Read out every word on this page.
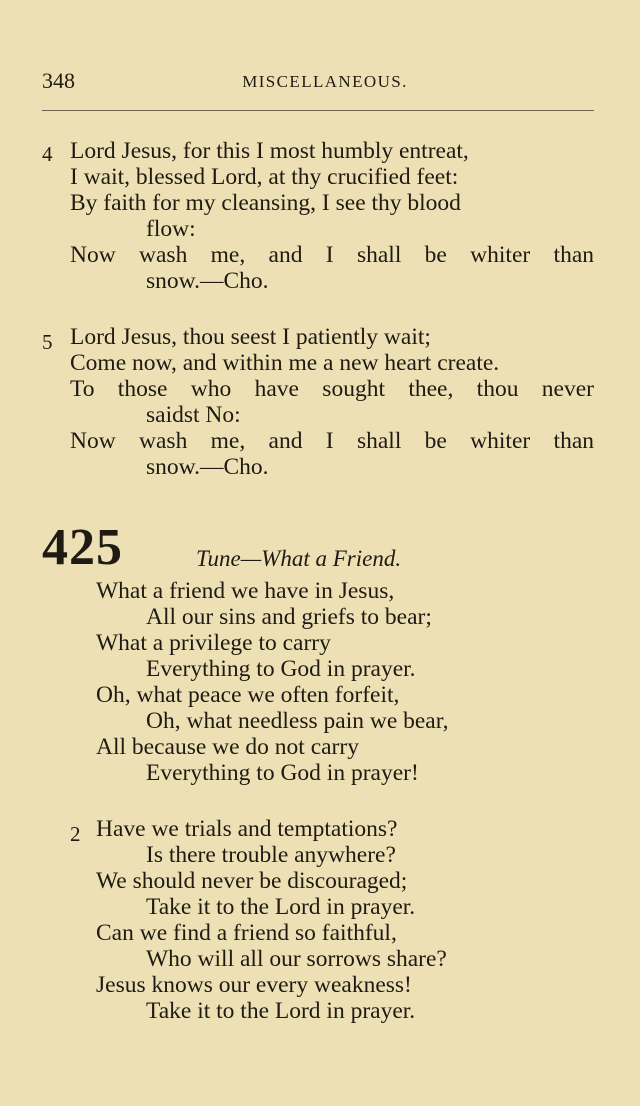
348	MISCELLANEOUS.
4 Lord Jesus, for this I most humbly entreat,
I wait, blessed Lord, at thy crucified feet:
By faith for my cleansing, I see thy blood
flow:
Now wash me, and I shall be whiter than
snow.—Cho.
5 Lord Jesus, thou seest I patiently wait;
Come now, and within me a new heart create.
To those who have sought thee, thou never
saidst No:
Now wash me, and I shall be whiter than
snow.—Cho.
425	Tune—What a Friend.
What a friend we have in Jesus,
All our sins and griefs to bear;
What a privilege to carry
Everything to God in prayer.
Oh, what peace we often forfeit,
Oh, what needless pain we bear,
All because we do not carry
Everything to God in prayer!
2 Have we trials and temptations?
Is there trouble anywhere?
We should never be discouraged;
Take it to the Lord in prayer.
Can we find a friend so faithful,
Who will all our sorrows share?
Jesus knows our every weakness!
Take it to the Lord in prayer.
